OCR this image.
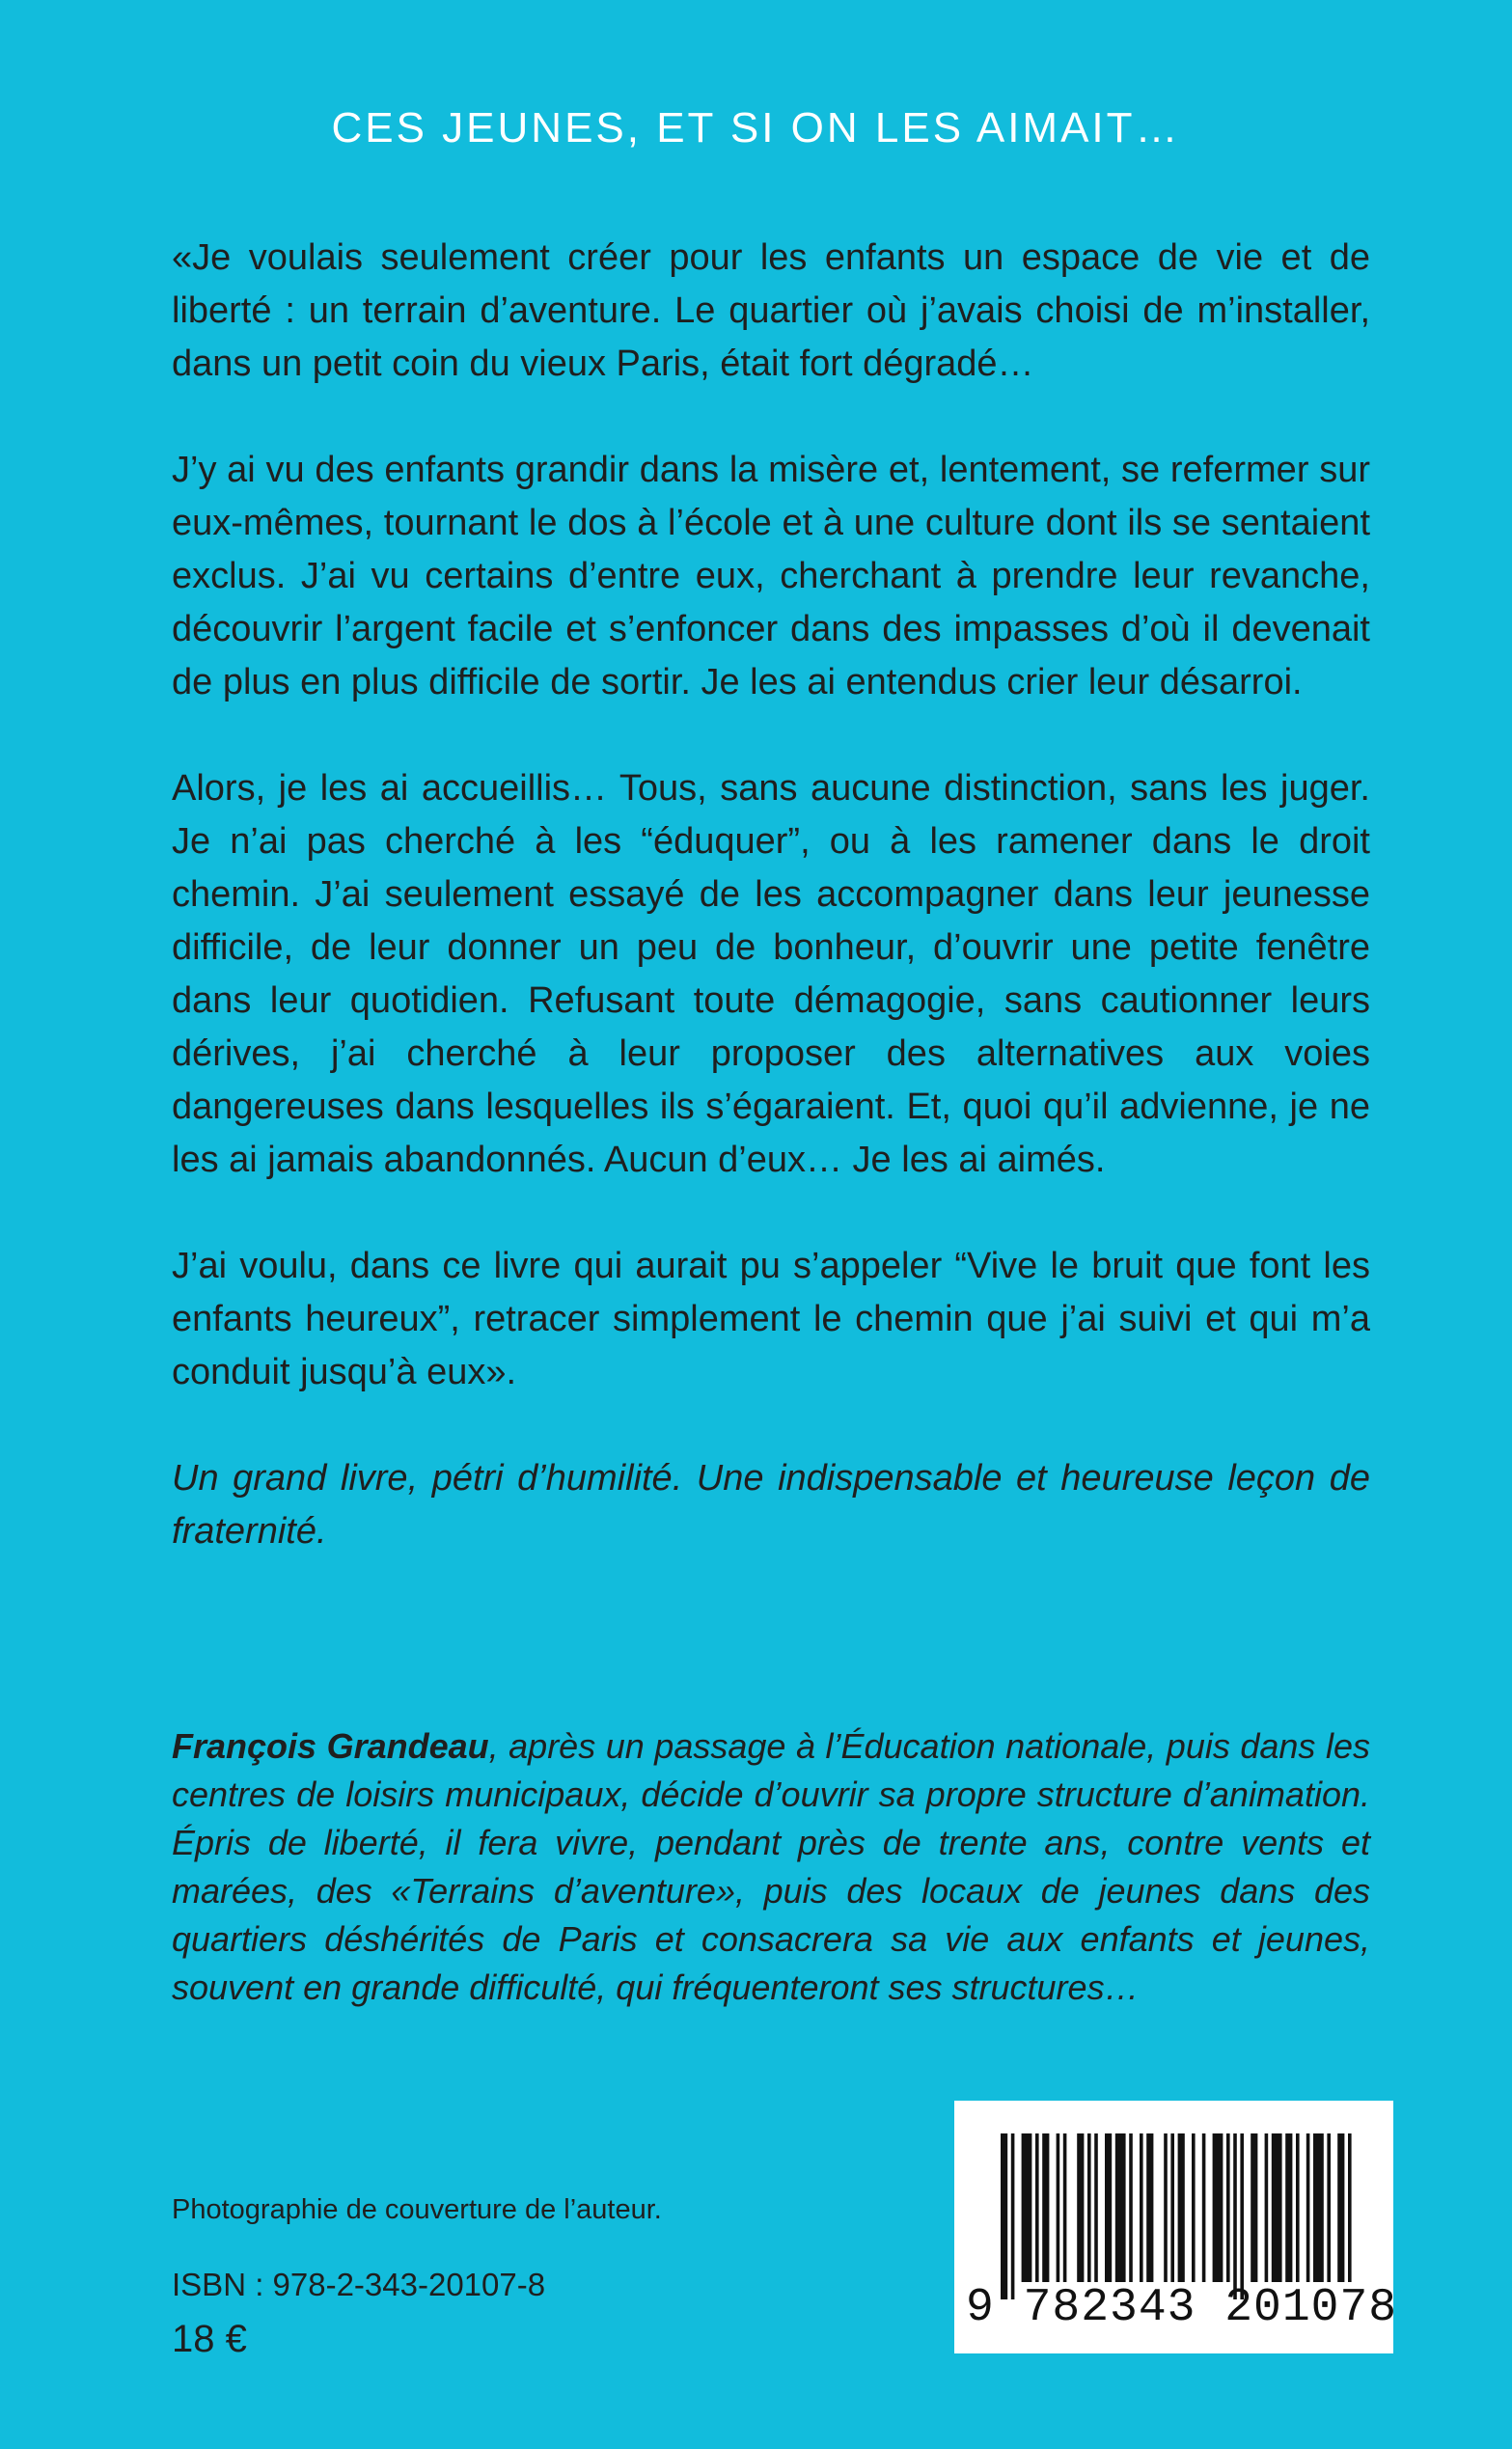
CES JEUNES, ET SI ON LES AIMAIT…

«Je voulais seulement créer pour les enfants un espace de vie et de liberté : un terrain d’aventure. Le quartier où j’avais choisi de m’installer, dans un petit coin du vieux Paris, était fort dégradé…

J’y ai vu des enfants grandir dans la misère et, lentement, se refermer sur eux-mêmes, tournant le dos à l’école et à une culture dont ils se sentaient exclus. J’ai vu certains d’entre eux, cherchant à prendre leur revanche, découvrir l’argent facile et s’enfoncer dans des impasses d’où il devenait de plus en plus difficile de sortir. Je les ai entendus crier leur désarroi.

Alors, je les ai accueillis… Tous, sans aucune distinction, sans les juger. Je n’ai pas cherché à les “éduquer”, ou à les ramener dans le droit chemin. J’ai seulement essayé de les accompagner dans leur jeunesse difficile, de leur donner un peu de bonheur, d’ouvrir une petite fenêtre dans leur quotidien. Refusant toute démagogie, sans cautionner leurs dérives, j’ai cherché à leur proposer des alternatives aux voies dangereuses dans lesquelles ils s’égaraient. Et, quoi qu’il advienne, je ne les ai jamais abandonnés. Aucun d’eux… Je les ai aimés.

J’ai voulu, dans ce livre qui aurait pu s’appeler “Vive le bruit que font les enfants heureux”, retracer simplement le chemin que j’ai suivi et qui m’a conduit jusqu’à eux».

Un grand livre, pétri d’humilité. Une indispensable et heureuse leçon de fraternité.

François Grandeau, après un passage à l’Éducation nationale, puis dans les centres de loisirs municipaux, décide d’ouvrir sa propre structure d’animation. Épris de liberté, il fera vivre, pendant près de trente ans, contre vents et marées, des «Terrains d’aventure», puis des locaux de jeunes dans des quartiers déshérités de Paris et consacrera sa vie aux enfants et jeunes, souvent en grande difficulté, qui fréquenteront ses structures…

Photographie de couverture de l’auteur.
ISBN : 978-2-343-20107-8
18 €
9 782343 201078
